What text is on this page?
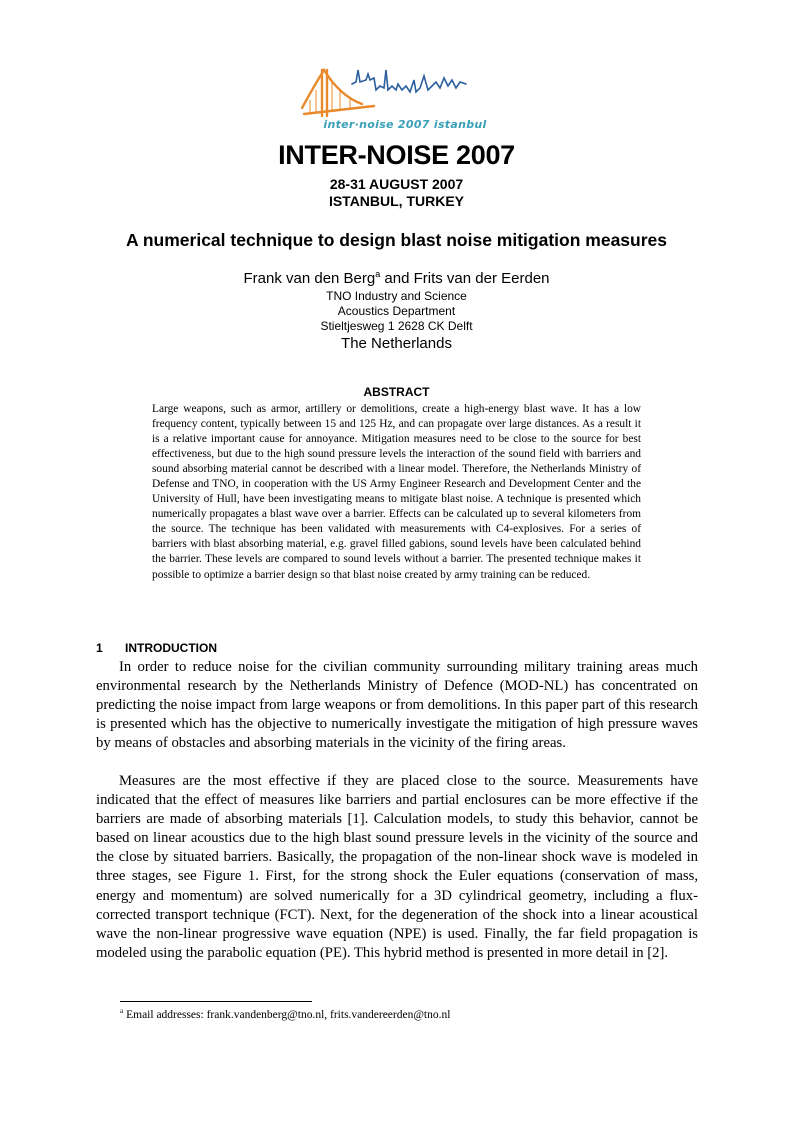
inter·noise 2007 istanbul
INTER-NOISE 2007
28-31 AUGUST 2007
ISTANBUL, TURKEY
A numerical technique to design blast noise mitigation measures
Frank van den Berg$^a$ and Frits van der Eerden
TNO Industry and Science
Acoustics Department
Stieltjesweg 1 2628 CK Delft
The Netherlands
ABSTRACT

Large weapons, such as armor, artillery or demolitions, create a high-energy blast wave. It has a low frequency content, typically between 15 and 125 Hz, and can propagate over large distances. As a result it is a relative important cause for annoyance. Mitigation measures need to be close to the source for best effectiveness, but due to the high sound pressure levels the interaction of the sound field with barriers and sound absorbing material cannot be described with a linear model. Therefore, the Netherlands Ministry of Defense and TNO, in cooperation with the US Army Engineer Research and Development Center and the University of Hull, have been investigating means to mitigate blast noise. A technique is presented which numerically propagates a blast wave over a barrier. Effects can be calculated up to several kilometers from the source. The technique has been validated with measurements with C4-explosives. For a series of barriers with blast absorbing material, e.g. gravel filled gabions, sound levels have been calculated behind the barrier. These levels are compared to sound levels without a barrier. The presented technique makes it possible to optimize a barrier design so that blast noise created by army training can be reduced.

1 INTRODUCTION

In order to reduce noise for the civilian community surrounding military training areas much environmental research by the Netherlands Ministry of Defence (MOD-NL) has concentrated on predicting the noise impact from large weapons or from demolitions. In this paper part of this research is presented which has the objective to numerically investigate the mitigation of high pressure waves by means of obstacles and absorbing materials in the vicinity of the firing areas.

Measures are the most effective if they are placed close to the source. Measurements have indicated that the effect of measures like barriers and partial enclosures can be more effective if the barriers are made of absorbing materials [1]. Calculation models, to study this behavior, cannot be based on linear acoustics due to the high blast sound pressure levels in the vicinity of the source and the close by situated barriers. Basically, the propagation of the non-linear shock wave is modeled in three stages, see Figure 1. First, for the strong shock the Euler equations (conservation of mass, energy and momentum) are solved numerically for a 3D cylindrical geometry, including a flux-corrected transport technique (FCT). Next, for the degeneration of the shock into a linear acoustical wave the non-linear progressive wave equation (NPE) is used. Finally, the far field propagation is modeled using the parabolic equation (PE). This hybrid method is presented in more detail in [2].

$^a$ Email addresses: frank.vandenberg@tno.nl, frits.vandereerden@tno.nl
